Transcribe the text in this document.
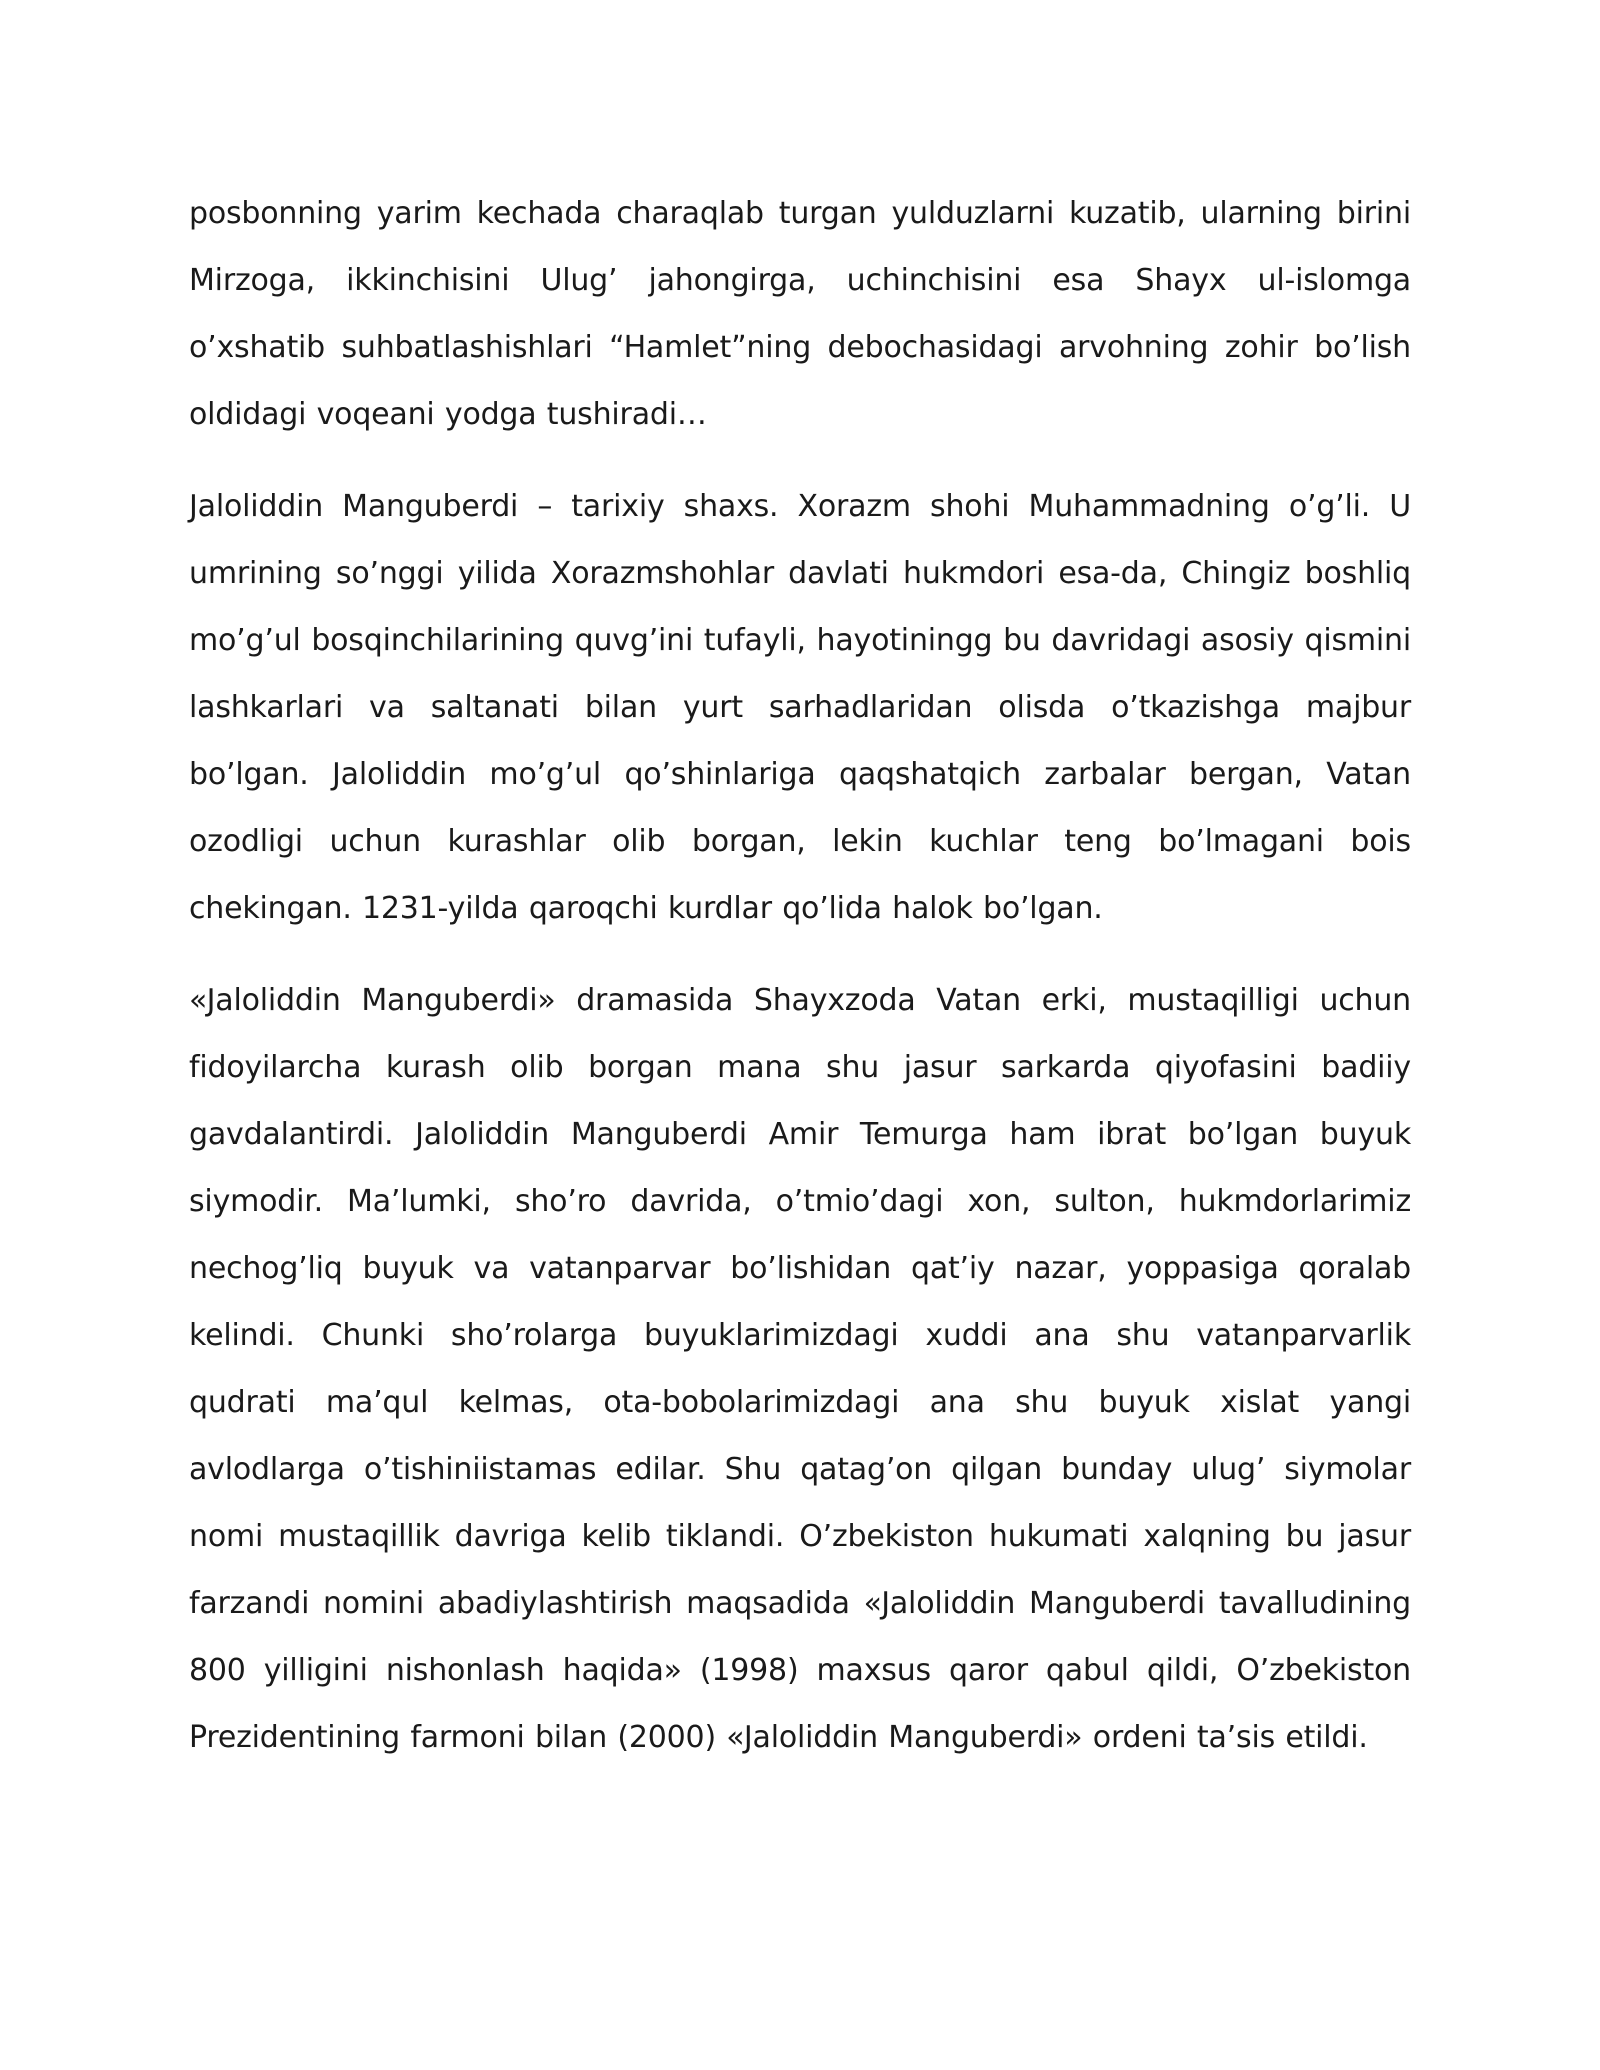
posbonning yarim kechada charaqlab turgan yulduzlarni kuzatib, ularning birini Mirzoga, ikkinchisini Ulug’ jahongirga, uchinchisini esa Shayx ul-islomga o’xshatib suhbatlashishlari “Hamlet”ning debochasidagi arvohning zohir bo’lish oldidagi voqeani yodga tushiradi…

Jaloliddin Manguberdi – tarixiy shaxs. Xorazm shohi Muhammadning o’g’li. U umrining so’nggi yilida Xorazmshohlar davlati hukmdori esa-da, Chingiz boshliq mo’g’ul bosqinchilarining quvg’ini tufayli, hayotiningg bu davridagi asosiy qismini lashkarlari va saltanati bilan yurt sarhadlaridan olisda o’tkazishga majbur bo’lgan. Jaloliddin mo’g’ul qo’shinlariga qaqshatqich zarbalar bergan, Vatan ozodligi uchun kurashlar olib borgan, lekin kuchlar teng bo’lmagani bois chekingan. 1231-yilda qaroqchi kurdlar qo’lida halok bo’lgan.

«Jaloliddin Manguberdi» dramasida Shayxzoda Vatan erki, mustaqilligi uchun fidoyilarcha kurash olib borgan mana shu jasur sarkarda qiyofasini badiiy gavdalantirdi. Jaloliddin Manguberdi Amir Temurga ham ibrat bo’lgan buyuk siymodir. Ma’lumki, sho’ro davrida, o’tmio’dagi xon, sulton, hukmdorlarimiz nechog’liq buyuk va vatanparvar bo’lishidan qat’iy nazar, yoppasiga qoralab kelindi. Chunki sho’rolarga buyuklarimizdagi xuddi ana shu vatanparvarlik qudrati ma’qul kelmas, ota-bobolarimizdagi ana shu buyuk xislat yangi avlodlarga o’tishiniistamas edilar. Shu qatag’on qilgan bunday ulug’ siymolar nomi mustaqillik davriga kelib tiklandi. O’zbekiston hukumati xalqning bu jasur farzandi nomini abadiylashtirish maqsadida «Jaloliddin Manguberdi tavalludining 800 yilligini nishonlash haqida» (1998) maxsus qaror qabul qildi, O’zbekiston Prezidentining farmoni bilan (2000) «Jaloliddin Manguberdi» ordeni ta’sis etildi.
